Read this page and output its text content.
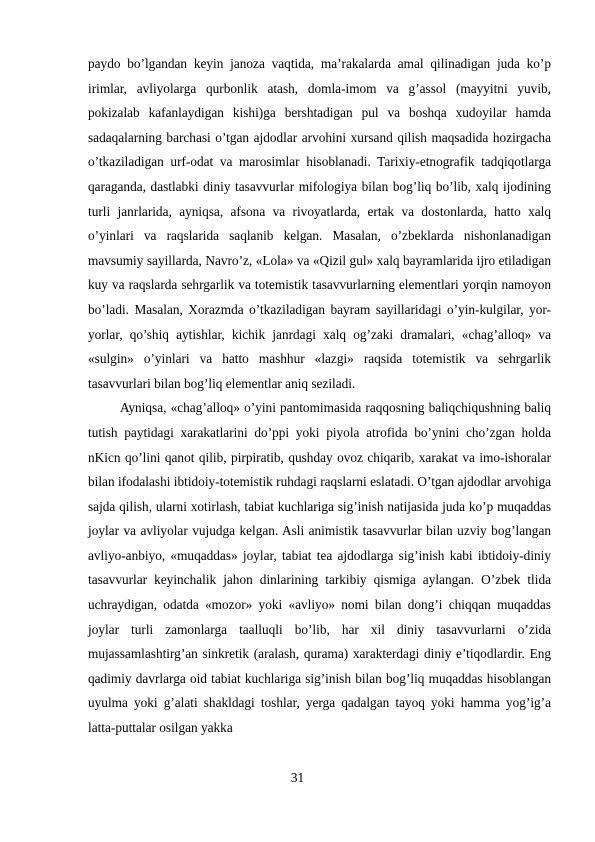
paydo bo’lgandan keyin janoza vaqtida, ma’rakalarda amal qilinadigan juda ko’p irimlar, avliyolarga qurbonlik atash, domla-imom va g’assol (mayyitni yuvib, pokizalab kafanlaydigan kishi)ga bershtadigan pul va boshqa xudoyilar hamda sadaqalarning barchasi o’tgan ajdodlar arvohini xursand qilish maqsadida hozirgacha o’tkaziladigan urf-odat va marosimlar hisoblanadi. Tarixiy-etnografik tadqiqotlarga qaraganda, dastlabki diniy tasavvurlar mifologiya bilan bog’liq bo’lib, xalq ijodining turli janrlarida, ayniqsa, afsona va rivoyatlarda, ertak va dostonlarda, hatto xalq o’yinlari va raqslarida saqlanib kelgan. Masalan, o’zbeklarda nishonlanadigan mavsumiy sayillarda, Navro’z, «Lola» va «Qizil gul» xalq bayramlarida ijro etiladigan kuy va raqslarda sehrgarlik va totemistik tasavvurlarning elementlari yorqin namoyon bo’ladi. Masalan, Xorazmda o’tkaziladigan bayram sayillaridagi o’yin-kulgilar, yor-yorlar, qo’shiq aytishlar, kichik janrdagi xalq og’zaki dramalari, «chag’alloq» va «sulgin» o’yinlari va hatto mashhur «lazgi» raqsida totemistik va sehrgarlik tasavvurlari bilan bog’liq elementlar aniq seziladi.

Ayniqsa, «chag’alloq» o’yini pantomimasida raqqosning baliqchiqushning baliq tutish paytidagi xarakatlarini do’ppi yoki piyola atrofida bo’ynini cho’zgan holda nKicn qo’lini qanot qilib, pirpiratib, qushday ovoz chiqarib, xarakat va imo-ishoralar bilan ifodalashi ibtidoiy-totemistik ruhdagi raqslarni eslatadi. O’tgan ajdodlar arvohiga sajda qilish, ularni xotirlash, tabiat kuchlariga sig’inish natijasida juda ko’p muqaddas joylar va avliyolar vujudga kelgan. Asli animistik tasavvurlar bilan uzviy bog’langan avliyo-anbiyo, «muqaddas» joylar, tabiat tea ajdodlarga sig’inish kabi ibtidoiy-diniy tasavvurlar keyinchalik jahon dinlarining tarkibiy qismiga aylangan. O’zbek tlida uchraydigan, odatda «mozor» yoki «avliyo» nomi bilan dong’i chiqqan muqaddas joylar turli zamonlarga taalluqli bo’lib, har xil diniy tasavvurlarni o’zida mujassamlashtirg’an sinkretik (aralash, qurama) xarakterdagi diniy e’tiqodlardir. Eng qadimiy davrlarga oid tabiat kuchlariga sig’inish bilan bog’liq muqaddas hisoblangan uyulma yoki g’alati shakldagi toshlar, yerga qadalgan tayoq yoki hamma yog’ig’a latta-puttalar osilgan yakka

31
